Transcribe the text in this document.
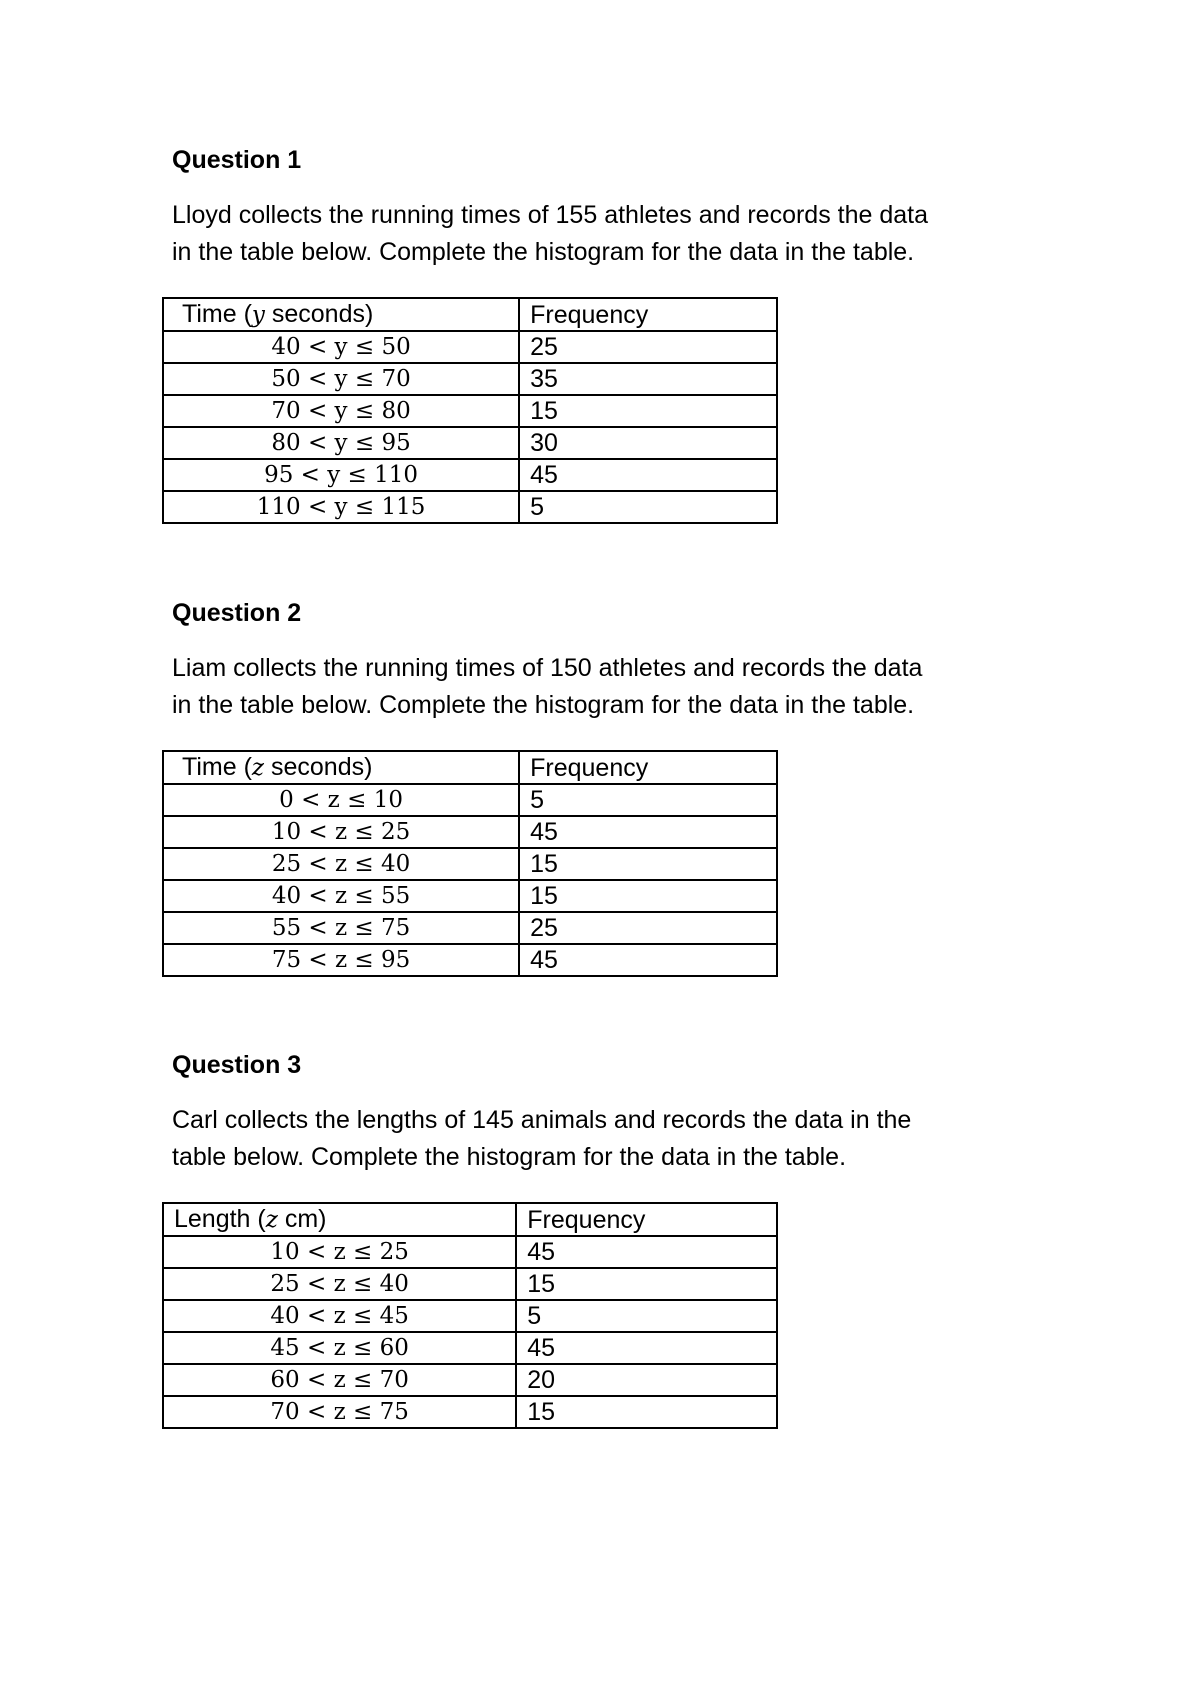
Question 1

Lloyd collects the running times of 155 athletes and records the data
in the table below. Complete the histogram for the data in the table.

Time (y seconds)	Frequency
40 < y ≤ 50	25
50 < y ≤ 70	35
70 < y ≤ 80	15
80 < y ≤ 95	30
95 < y ≤ 110	45
110 < y ≤ 115	5

Question 2

Liam collects the running times of 150 athletes and records the data
in the table below. Complete the histogram for the data in the table.

Time (z seconds)	Frequency
0 < z ≤ 10	5
10 < z ≤ 25	45
25 < z ≤ 40	15
40 < z ≤ 55	15
55 < z ≤ 75	25
75 < z ≤ 95	45

Question 3

Carl collects the lengths of 145 animals and records the data in the
table below. Complete the histogram for the data in the table.

Length (z cm)	Frequency
10 < z ≤ 25	45
25 < z ≤ 40	15
40 < z ≤ 45	5
45 < z ≤ 60	45
60 < z ≤ 70	20
70 < z ≤ 75	15
